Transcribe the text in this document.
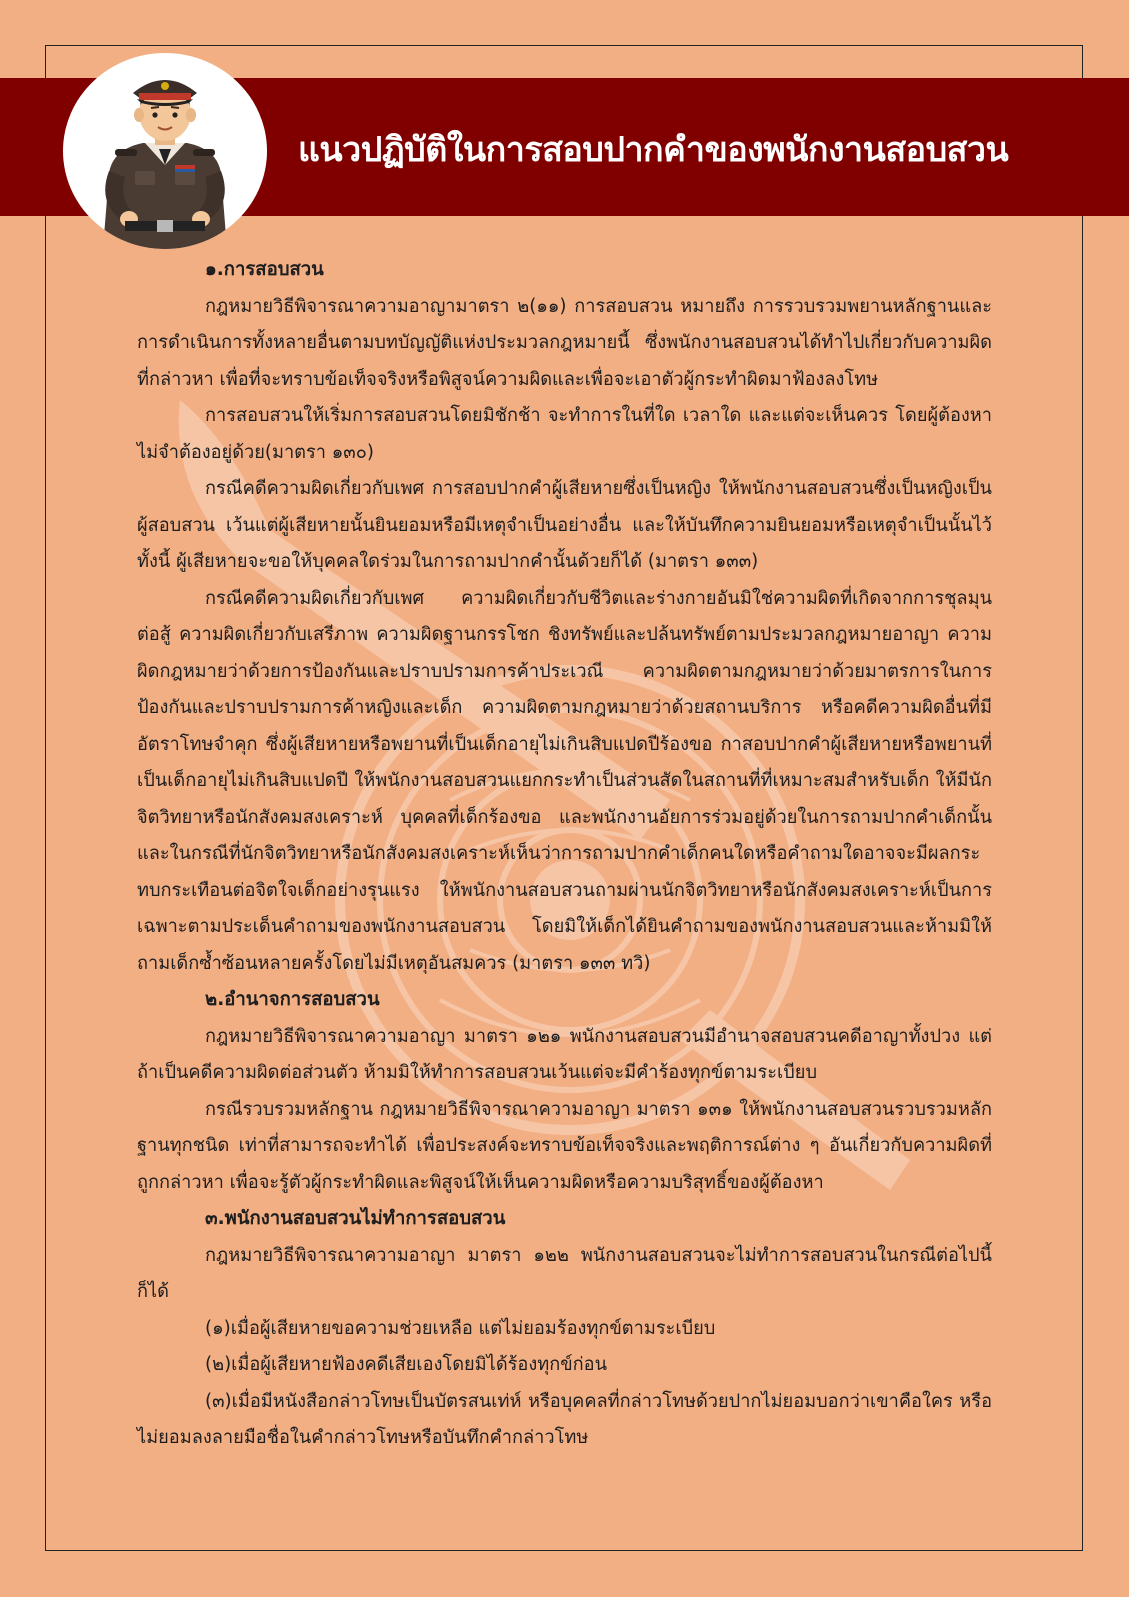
แนวปฏิบัติในการสอบปากคำของพนักงานสอบสวน
๑.การสอบสวน

กฎหมายวิธีพิจารณาความอาญามาตรา ๒(๑๑) การสอบสวน หมายถึง การรวบรวมพยานหลักฐานและการดำเนินการทั้งหลายอื่นตามบทบัญญัติแห่งประมวลกฎหมายนี้ ซึ่งพนักงานสอบสวนได้ทำไปเกี่ยวกับความผิดที่กล่าวหา เพื่อที่จะทราบข้อเท็จจริงหรือพิสูจน์ความผิดและเพื่อจะเอาตัวผู้กระทำผิดมาฟ้องลงโทษ

การสอบสวนให้เริ่มการสอบสวนโดยมิชักช้า จะทำการในที่ใด เวลาใด และแต่จะเห็นควร โดยผู้ต้องหาไม่จำต้องอยู่ด้วย(มาตรา ๑๓๐)

กรณีคดีความผิดเกี่ยวกับเพศ การสอบปากคำผู้เสียหายซึ่งเป็นหญิง ให้พนักงานสอบสวนซึ่งเป็นหญิงเป็นผู้สอบสวน เว้นแต่ผู้เสียหายนั้นยินยอมหรือมีเหตุจำเป็นอย่างอื่น และให้บันทึกความยินยอมหรือเหตุจำเป็นนั้นไว้ ทั้งนี้ ผู้เสียหายจะขอให้บุคคลใดร่วมในการถามปากคำนั้นด้วยก็ได้ (มาตรา ๑๓๓)

กรณีคดีความผิดเกี่ยวกับเพศ ความผิดเกี่ยวกับชีวิตและร่างกายอันมิใช่ความผิดที่เกิดจากการชุลมุนต่อสู้ ความผิดเกี่ยวกับเสรีภาพ ความผิดฐานกรรโชก ชิงทรัพย์และปล้นทรัพย์ตามประมวลกฎหมายอาญา ความผิดกฎหมายว่าด้วยการป้องกันและปราบปรามการค้าประเวณี ความผิดตามกฎหมายว่าด้วยมาตรการในการป้องกันและปราบปรามการค้าหญิงและเด็ก ความผิดตามกฎหมายว่าด้วยสถานบริการ หรือคดีความผิดอื่นที่มีอัตราโทษจำคุก ซึ่งผู้เสียหายหรือพยานที่เป็นเด็กอายุไม่เกินสิบแปดปีร้องขอ กาสอบปากคำผู้เสียหายหรือพยานที่เป็นเด็กอายุไม่เกินสิบแปดปี ให้พนักงานสอบสวนแยกกระทำเป็นส่วนสัดในสถานที่ที่เหมาะสมสำหรับเด็ก ให้มีนักจิตวิทยาหรือนักสังคมสงเคราะห์ บุคคลที่เด็กร้องขอ และพนักงานอัยการร่วมอยู่ด้วยในการถามปากคำเด็กนั้น และในกรณีที่นักจิตวิทยาหรือนักสังคมสงเคราะห์เห็นว่าการถามปากคำเด็กคนใดหรือคำถามใดอาจจะมีผลกระทบกระเทือนต่อจิตใจเด็กอย่างรุนแรง ให้พนักงานสอบสวนถามผ่านนักจิตวิทยาหรือนักสังคมสงเคราะห์เป็นการเฉพาะตามประเด็นคำถามของพนักงานสอบสวน โดยมิให้เด็กได้ยินคำถามของพนักงานสอบสวนและห้ามมิให้ถามเด็กซ้ำซ้อนหลายครั้งโดยไม่มีเหตุอันสมควร (มาตรา ๑๓๓ ทวิ)

๒.อำนาจการสอบสวน

กฎหมายวิธีพิจารณาความอาญา มาตรา ๑๒๑ พนักงานสอบสวนมีอำนาจสอบสวนคดีอาญาทั้งปวง แต่ถ้าเป็นคดีความผิดต่อส่วนตัว ห้ามมิให้ทำการสอบสวนเว้นแต่จะมีคำร้องทุกข์ตามระเบียบ

กรณีรวบรวมหลักฐาน กฎหมายวิธีพิจารณาความอาญา มาตรา ๑๓๑ ให้พนักงานสอบสวนรวบรวมหลักฐานทุกชนิด เท่าที่สามารถจะทำได้ เพื่อประสงค์จะทราบข้อเท็จจริงและพฤติการณ์ต่าง ๆ อันเกี่ยวกับความผิดที่ถูกกล่าวหา เพื่อจะรู้ตัวผู้กระทำผิดและพิสูจน์ให้เห็นความผิดหรือความบริสุทธิ์ของผู้ต้องหา

๓.พนักงานสอบสวนไม่ทำการสอบสวน

กฎหมายวิธีพิจารณาความอาญา มาตรา ๑๒๒ พนักงานสอบสวนจะไม่ทำการสอบสวนในกรณีต่อไปนี้ก็ได้

(๑)เมื่อผู้เสียหายขอความช่วยเหลือ แต่ไม่ยอมร้องทุกข์ตามระเบียบ

(๒)เมื่อผู้เสียหายฟ้องคดีเสียเองโดยมิได้ร้องทุกข์ก่อน

(๓)เมื่อมีหนังสือกล่าวโทษเป็นบัตรสนเท่ห์ หรือบุคคลที่กล่าวโทษด้วยปากไม่ยอมบอกว่าเขาคือใคร หรือไม่ยอมลงลายมือชื่อในคำกล่าวโทษหรือบันทึกคำกล่าวโทษ
